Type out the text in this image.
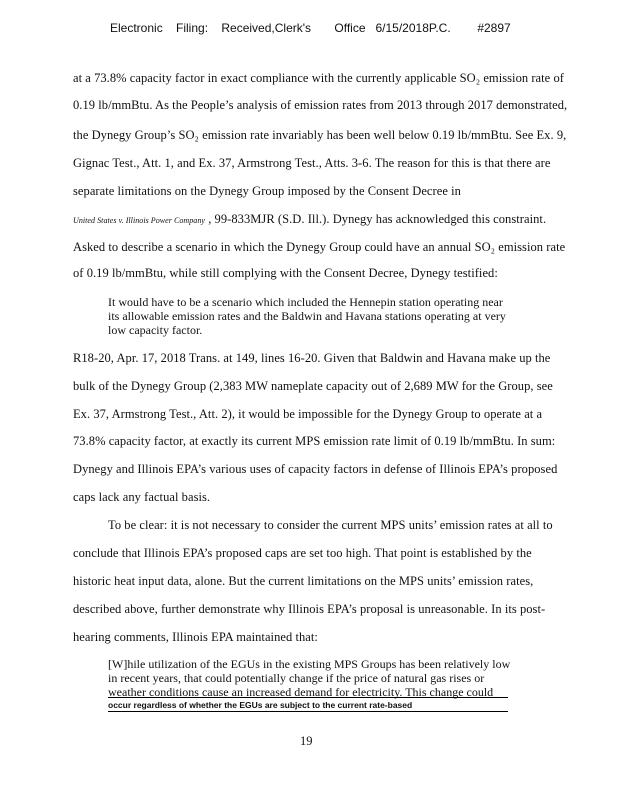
Electronic    Filing:    Received,Clerk's       Office   6/15/2018P.C.        #2897
at a 73.8% capacity factor in exact compliance with the currently applicable SO₂ emission rate of
0.19 lb/mmBtu. As the People’s analysis of emission rates from 2013 through 2017 demonstrated,
the Dynegy Group’s SO₂ emission rate invariably has been well below 0.19 lb/mmBtu. See Ex. 9,
Gignac Test., Att. 1, and Ex. 37, Armstrong Test., Atts. 3-6. The reason for this is that there are
separate limitations on the Dynegy Group imposed by the Consent Decree in
United States v. Illinois Power Company , 99-833MJR (S.D. Ill.). Dynegy has acknowledged this constraint.
Asked to describe a scenario in which the Dynegy Group could have an annual SO₂ emission rate
of 0.19 lb/mmBtu, while still complying with the Consent Decree, Dynegy testified:
It would have to be a scenario which included the Hennepin station operating near
its allowable emission rates and the Baldwin and Havana stations operating at very
low capacity factor.
R18-20, Apr. 17, 2018 Trans. at 149, lines 16-20. Given that Baldwin and Havana make up the
bulk of the Dynegy Group (2,383 MW nameplate capacity out of 2,689 MW for the Group, see
Ex. 37, Armstrong Test., Att. 2), it would be impossible for the Dynegy Group to operate at a
73.8% capacity factor, at exactly its current MPS emission rate limit of 0.19 lb/mmBtu. In sum:
Dynegy and Illinois EPA’s various uses of capacity factors in defense of Illinois EPA’s proposed
caps lack any factual basis.
To be clear: it is not necessary to consider the current MPS units’ emission rates at all to
conclude that Illinois EPA’s proposed caps are set too high. That point is established by the
historic heat input data, alone. But the current limitations on the MPS units’ emission rates,
described above, further demonstrate why Illinois EPA’s proposal is unreasonable. In its post-
hearing comments, Illinois EPA maintained that:
[W]hile utilization of the EGUs in the existing MPS Groups has been relatively low
in recent years, that could potentially change if the price of natural gas rises or
weather conditions cause an increased demand for electricity. This change could
occur regardless of whether the EGUs are subject to the current rate-based
19
